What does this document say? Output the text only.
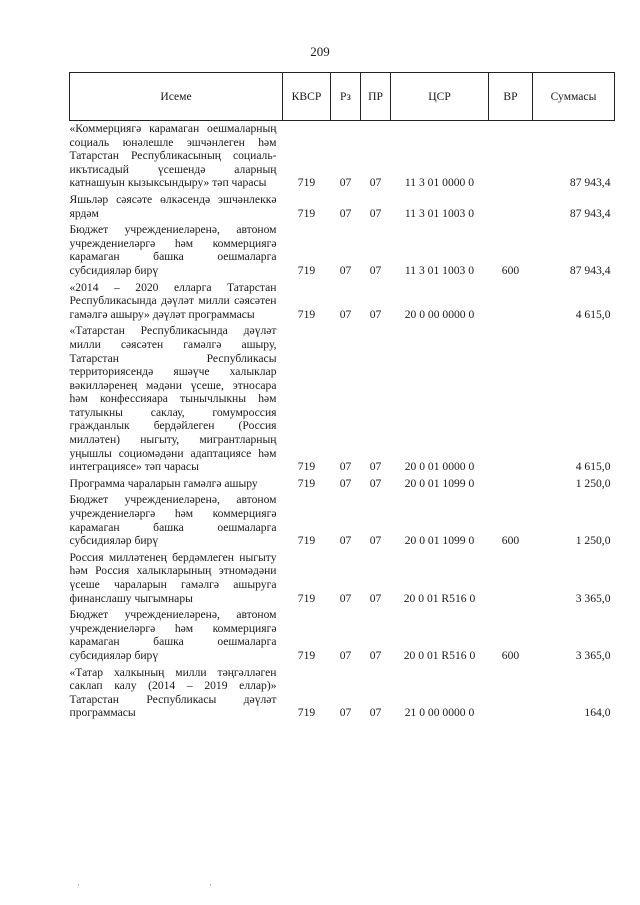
209
Исеме	КВСР	Рз	ПР	ЦСР	ВР	Суммасы
«Коммерциягә карамаган оешмаларның социаль юнәлешле эшчәнлеген һәм Татарстан Республикасының социаль-икътисадый үсешендә аларның катнашуын кызыксындыру» тәп чарасы	719	07	07	11 3 01 0000 0		87 943,4
Яшьләр сәясәте өлкәсендә эшчәнлеккә ярдәм	719	07	07	11 3 01 1003 0		87 943,4
Бюджет учреждениеләренә, автоном учреждениеләргә һәм коммерциягә карамаган башка оешмаларга субсидияләр бирү	719	07	07	11 3 01 1003 0	600	87 943,4
«2014 – 2020 елларга Татарстан Республикасында дәүләт милли сәясәтен гамәлгә ашыру» дәүләт программасы	719	07	07	20 0 00 0000 0		4 615,0
«Татарстан Республикасында дәүләт милли сәясәтен гамәлгә ашыру, Татарстан Республикасы территориясендә яшәүче халыклар вәкилләренең мәдәни үсеше, этносара һәм конфессияара тынычлыкны һәм татулыкны саклау, гомумроссия гражданлык бердәйлеген (Россия милләтен) ныгыту, мигрантларның уңышлы социомәдәни адаптациясе һәм интеграциясе» тәп чарасы	719	07	07	20 0 01 0000 0		4 615,0
Программа чараларын гамәлгә ашыру	719	07	07	20 0 01 1099 0		1 250,0
Бюджет учреждениеләренә, автоном учреждениеләргә һәм коммерциягә карамаган башка оешмаларга субсидияләр бирү	719	07	07	20 0 01 1099 0	600	1 250,0
Россия милләтенең бердәмлеген ныгыту һәм Россия халыкларының этномәдәни үсеше чараларын гамәлгә ашыруга финанслашу чыгымнары	719	07	07	20 0 01 R516 0		3 365,0
Бюджет учреждениеләренә, автоном учреждениеләргә һәм коммерциягә карамаган башка оешмаларга субсидияләр бирү	719	07	07	20 0 01 R516 0	600	3 365,0
«Татар халкының милли тәңгәлләген саклап калу (2014 – 2019 еллар)» Татарстан Республикасы дәүләт программасы	719	07	07	21 0 00 0000 0		164,0
